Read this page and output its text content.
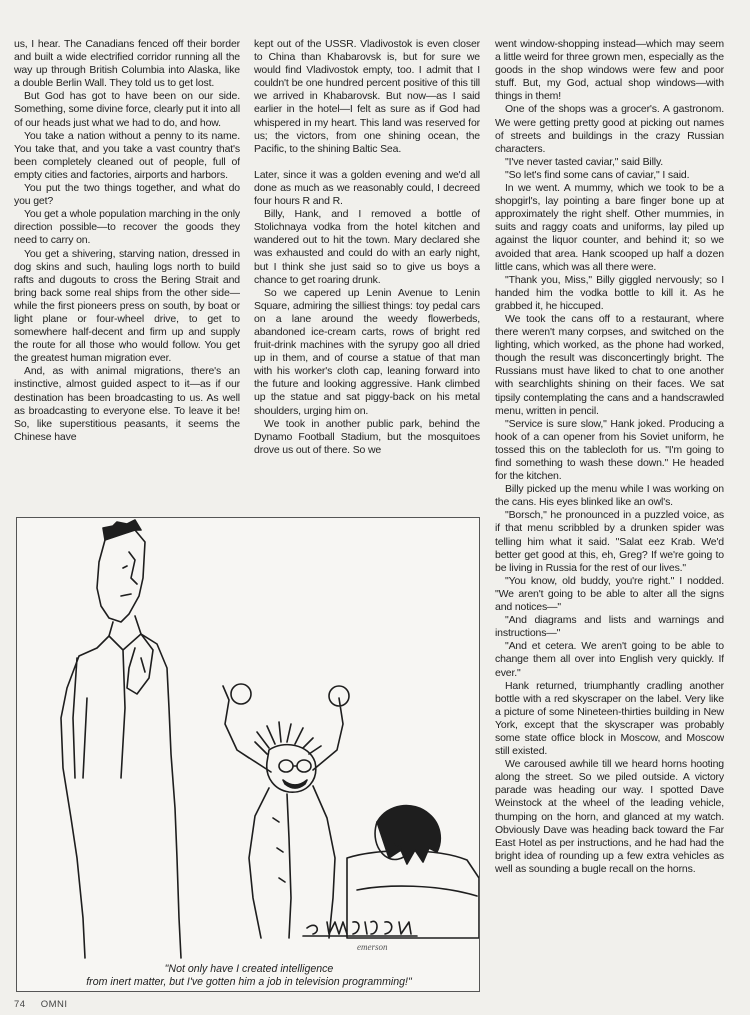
us, I hear. The Canadians fenced off their border and built a wide electrified corridor running all the way up through British Columbia into Alaska, like a double Berlin Wall. They told us to get lost.

But God has got to have been on our side. Something, some divine force, clearly put it into all of our heads just what we had to do, and how.

You take a nation without a penny to its name. You take that, and you take a vast country that's been completely cleaned out of people, full of empty cities and factories, airports and harbors.

You put the two things together, and what do you get?

You get a whole population marching in the only direction possible—to recover the goods they need to carry on.

You get a shivering, starving nation, dressed in dog skins and such, hauling logs north to build rafts and dugouts to cross the Bering Strait and bring back some real ships from the other side—while the first pioneers press on south, by boat or light plane or four-wheel drive, to get to somewhere half-decent and firm up and supply the route for all those who would follow. You get the greatest human migration ever.

And, as with animal migrations, there's an instinctive, almost guided aspect to it—as if our destination has been broadcasting to us. As well as broadcasting to everyone else. To leave it be! So, like superstitious peasants, it seems the Chinese have

kept out of the USSR. Vladivostok is even closer to China than Khabarovsk is, but for sure we would find Vladivostok empty, too. I admit that I couldn't be one hundred percent positive of this till we arrived in Khabarovsk. But now—as I said earlier in the hotel—I felt as sure as if God had whispered in my heart. This land was reserved for us; the victors, from one shining ocean, the Pacific, to the shining Baltic Sea.

Later, since it was a golden evening and we'd all done as much as we reasonably could, I decreed four hours R and R.

Billy, Hank, and I removed a bottle of Stolichnaya vodka from the hotel kitchen and wandered out to hit the town. Mary declared she was exhausted and could do with an early night, but I think she just said so to give us boys a chance to get roaring drunk.

So we capered up Lenin Avenue to Lenin Square, admiring the silliest things: toy pedal cars on a lane around the weedy flowerbeds, abandoned ice-cream carts, rows of bright red fruit-drink machines with the syrupy goo all dried up in them, and of course a statue of that man with his worker's cloth cap, leaning forward into the future and looking aggressive. Hank climbed up the statue and sat piggy-back on his metal shoulders, urging him on.

We took in another public park, behind the Dynamo Football Stadium, but the mosquitoes drove us out of there. So we

went window-shopping instead—which may seem a little weird for three grown men, especially as the goods in the shop windows were few and poor stuff. But, my God, actual shop windows—with things in them!

One of the shops was a grocer's. A gastronom. We were getting pretty good at picking out names of streets and buildings in the crazy Russian characters.

"I've never tasted caviar," said Billy.

"So let's find some cans of caviar," I said.

In we went. A mummy, which we took to be a shopgirl's, lay pointing a bare finger bone up at approximately the right shelf. Other mummies, in suits and raggy coats and uniforms, lay piled up against the liquor counter, and behind it; so we avoided that area. Hank scooped up half a dozen little cans, which was all there were.

"Thank you, Miss," Billy giggled nervously; so I handed him the vodka bottle to kill it. As he grabbed it, he hiccuped.

We took the cans off to a restaurant, where there weren't many corpses, and switched on the lighting, which worked, as the phone had worked, though the result was disconcertingly bright. The Russians must have liked to chat to one another with searchlights shining on their faces. We sat tipsily contemplating the cans and a handscrawled menu, written in pencil.

"Service is sure slow," Hank joked. Producing a hook of a can opener from his Soviet uniform, he tossed this on the tablecloth for us. "I'm going to find something to wash these down." He headed for the kitchen.

Billy picked up the menu while I was working on the cans. His eyes blinked like an owl's.

"Borsch," he pronounced in a puzzled voice, as if that menu scribbled by a drunken spider was telling him what it said. "Salat eez Krab. We'd better get good at this, eh, Greg? If we're going to be living in Russia for the rest of our lives."

"You know, old buddy, you're right." I nodded. "We aren't going to be able to alter all the signs and notices—"

"And diagrams and lists and warnings and instructions—"

"And et cetera. We aren't going to be able to change them all over into English very quickly. If ever."

Hank returned, triumphantly cradling another bottle with a red skyscraper on the label. Very like a picture of some Nineteen-thirties building in New York, except that the skyscraper was probably some state office block in Moscow, and Moscow still existed.

We caroused awhile till we heard horns hooting along the street. So we piled outside. A victory parade was heading our way. I spotted Dave Weinstock at the wheel of the leading vehicle, thumping on the horn, and glanced at my watch. Obviously Dave was heading back toward the Far East Hotel as per instructions, and he had had the bright idea of rounding up a few extra vehicles as well as sounding a bugle recall on the horns.

emerson
"Not only have I created intelligence
from inert matter, but I've gotten him a job in television programming!"
74 OMNI
